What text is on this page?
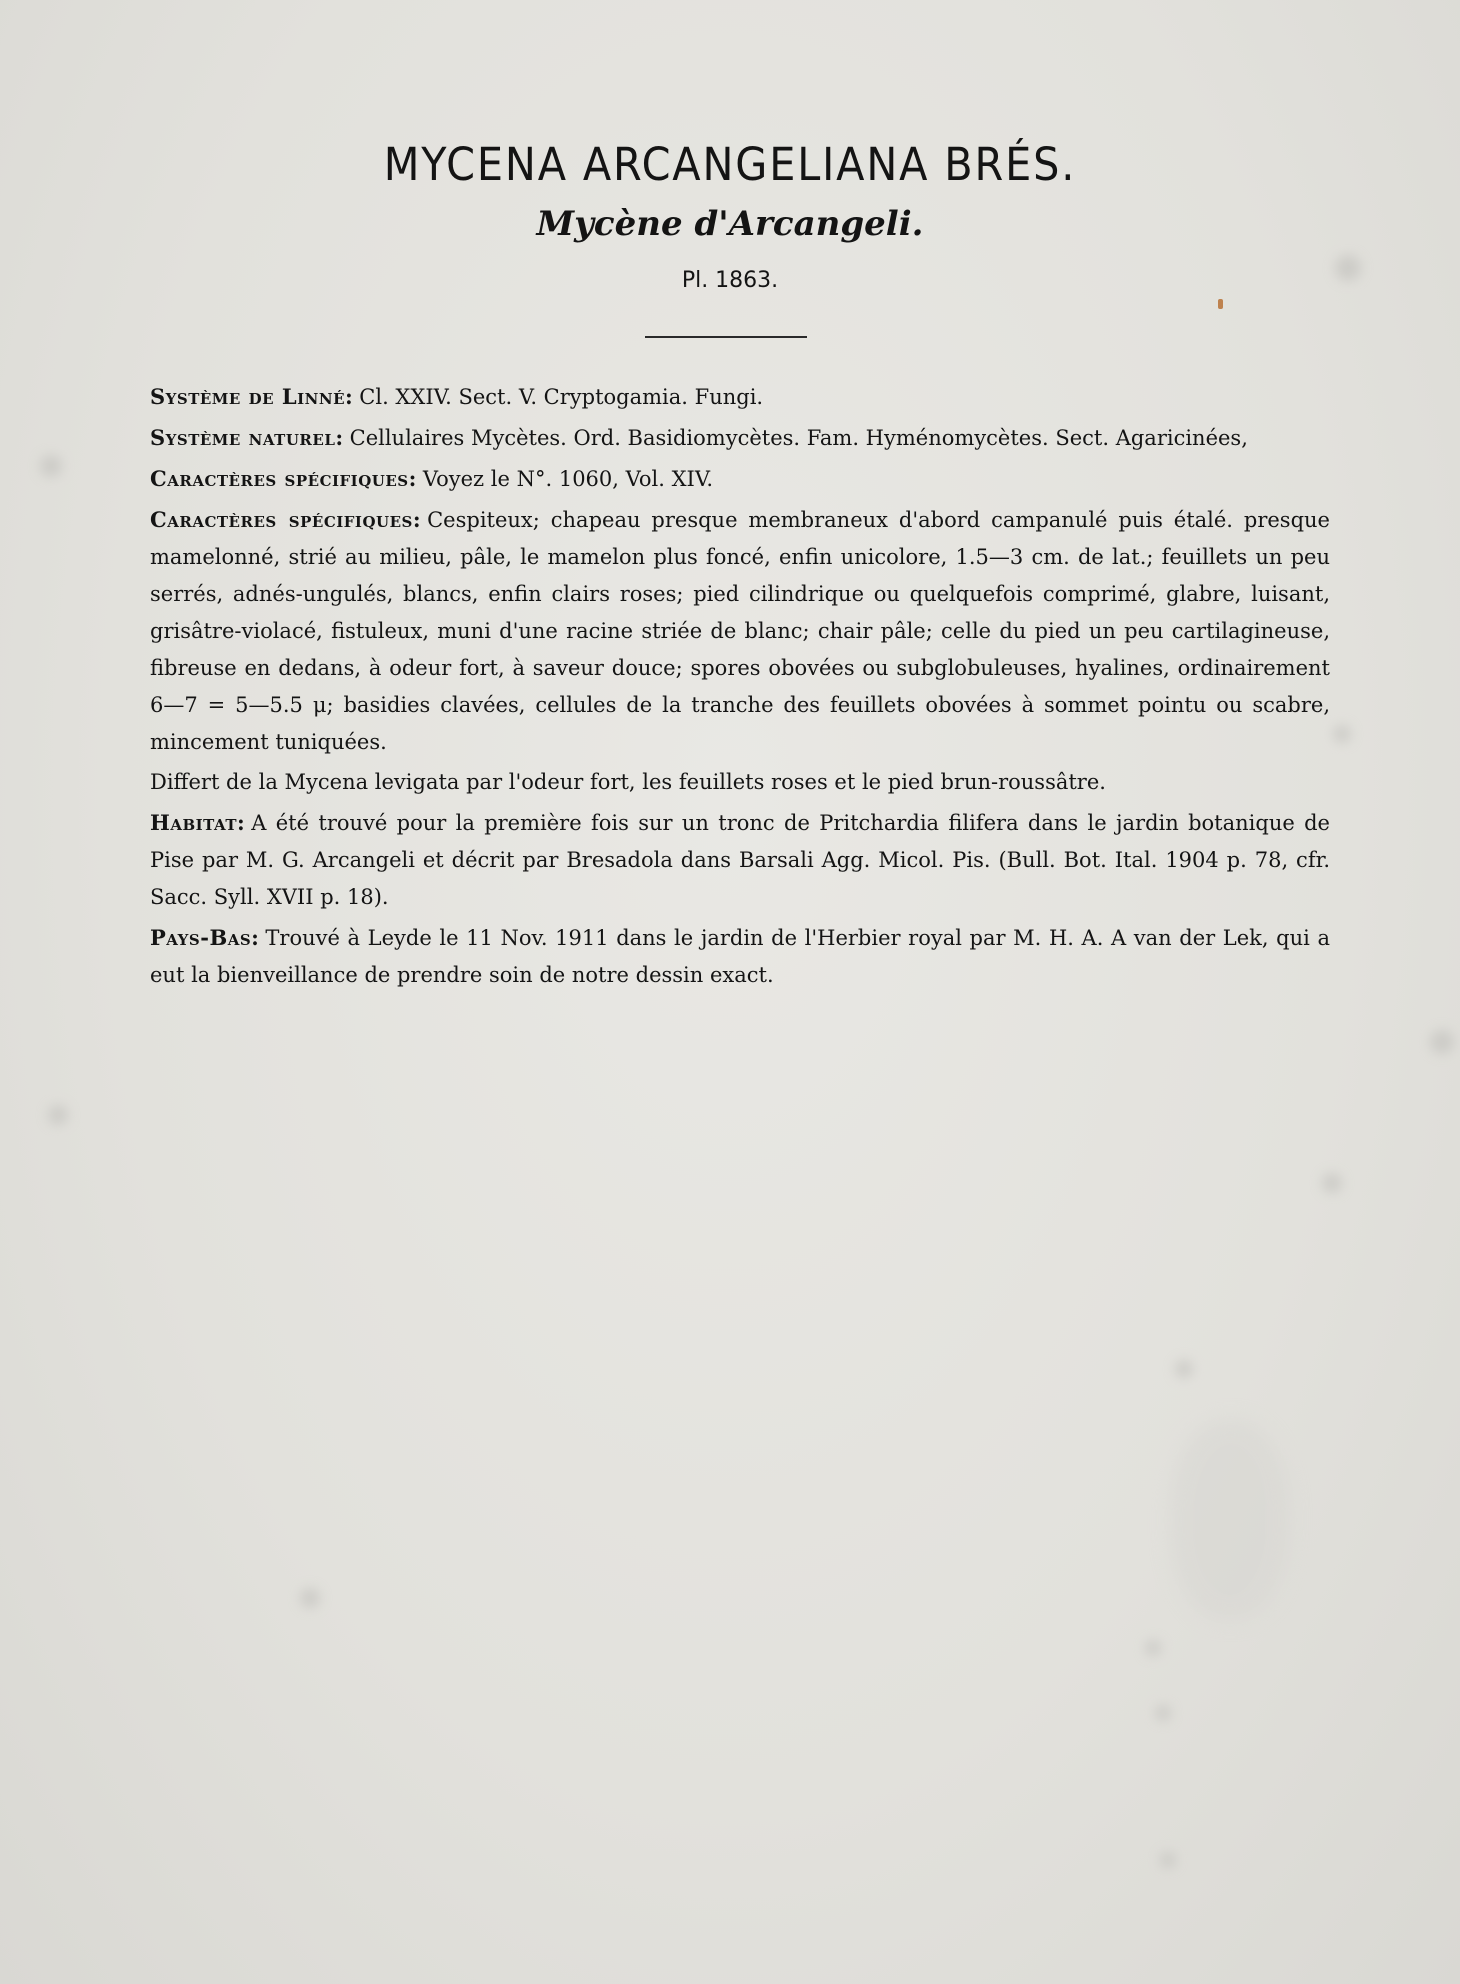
MYCENA ARCANGELIANA BRÉS.
Mycène d'Arcangeli.
Pl. 1863.

Système de Linné: Cl. XXIV. Sect. V. Cryptogamia. Fungi.

Système naturel: Cellulaires Mycètes. Ord. Basidiomycètes. Fam. Hyménomycètes. Sect. Agaricinées,

Caractères spécifiques: Voyez le N°. 1060, Vol. XIV.

Caractères spécifiques: Cespiteux; chapeau presque membraneux d'abord campanulé puis étalé. presque mamelonné, strié au milieu, pâle, le mamelon plus foncé, enfin unicolore, 1.5—3 cm. de lat.; feuillets un peu serrés, adnés-ungulés, blancs, enfin clairs roses; pied cilindrique ou quelquefois comprimé, glabre, luisant, grisâtre-violacé, fistuleux, muni d'une racine striée de blanc; chair pâle; celle du pied un peu cartilagineuse, fibreuse en dedans, à odeur fort, à saveur douce; spores obovées ou subglobuleuses, hyalines, ordinairement 6—7 = 5—5.5 μ; basidies clavées, cellules de la tranche des feuillets obovées à sommet pointu ou scabre, mincement tuniquées.

Differt de la Mycena levigata par l'odeur fort, les feuillets roses et le pied brun-roussâtre.

Habitat: A été trouvé pour la première fois sur un tronc de Pritchardia filifera dans le jardin botanique de Pise par M. G. Arcangeli et décrit par Bresadola dans Barsali Agg. Micol. Pis. (Bull. Bot. Ital. 1904 p. 78, cfr. Sacc. Syll. XVII p. 18).

Pays-Bas: Trouvé à Leyde le 11 Nov. 1911 dans le jardin de l'Herbier royal par M. H. A. A van der Lek, qui a eut la bienveillance de prendre soin de notre dessin exact.
